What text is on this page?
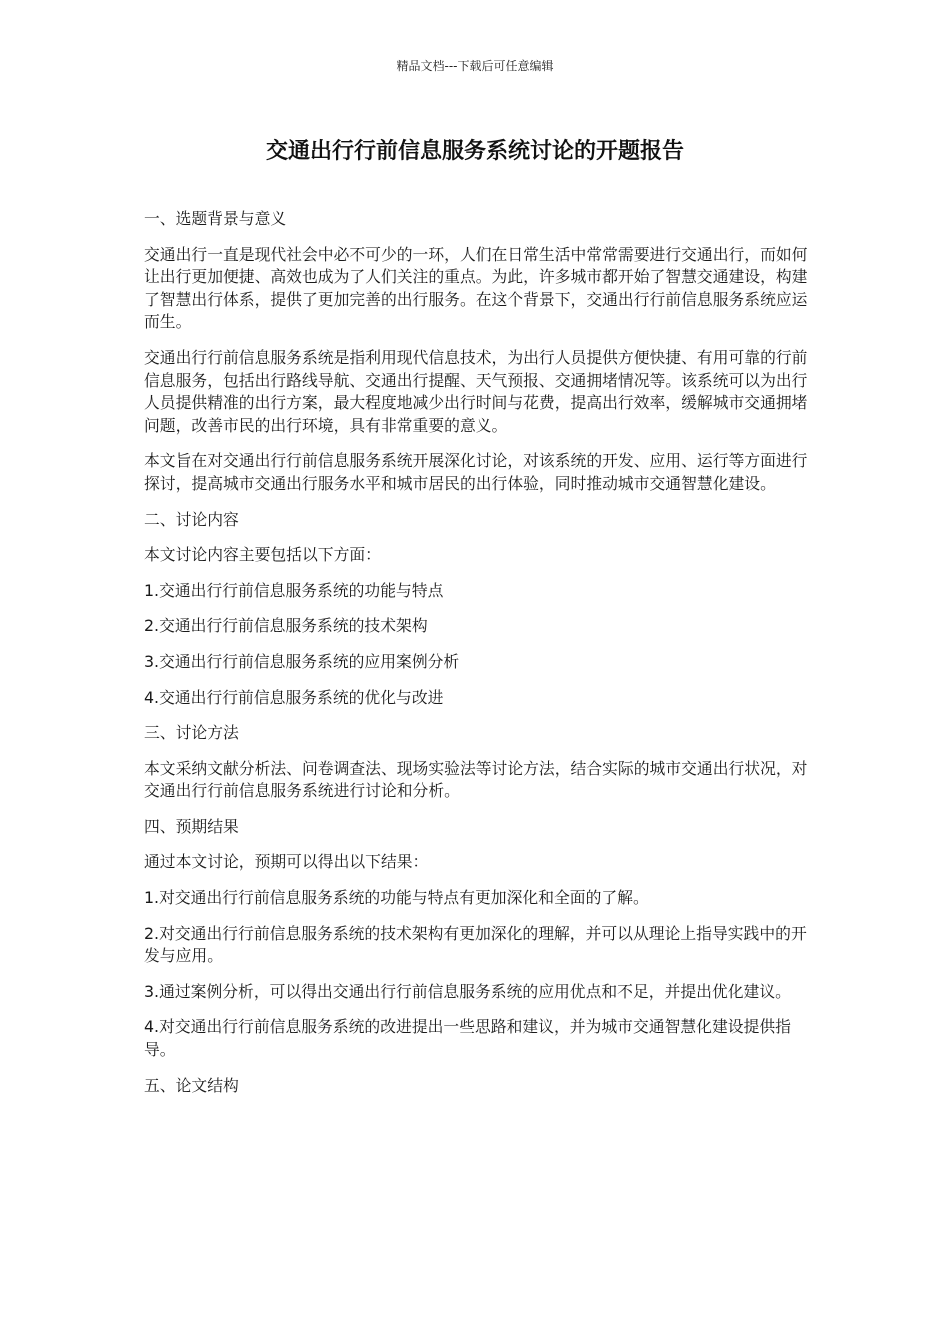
精品文档---下载后可任意编辑
交通出行行前信息服务系统讨论的开题报告

一、选题背景与意义

交通出行一直是现代社会中必不可少的一环，人们在日常生活中常常需要进行交通出行，而如何让出行更加便捷、高效也成为了人们关注的重点。为此，许多城市都开始了智慧交通建设，构建了智慧出行体系，提供了更加完善的出行服务。在这个背景下，交通出行行前信息服务系统应运而生。

交通出行行前信息服务系统是指利用现代信息技术，为出行人员提供方便快捷、有用可靠的行前信息服务，包括出行路线导航、交通出行提醒、天气预报、交通拥堵情况等。该系统可以为出行人员提供精准的出行方案，最大程度地减少出行时间与花费，提高出行效率，缓解城市交通拥堵问题，改善市民的出行环境，具有非常重要的意义。

本文旨在对交通出行行前信息服务系统开展深化讨论，对该系统的开发、应用、运行等方面进行探讨，提高城市交通出行服务水平和城市居民的出行体验，同时推动城市交通智慧化建设。

二、讨论内容

本文讨论内容主要包括以下方面：

1.交通出行行前信息服务系统的功能与特点

2.交通出行行前信息服务系统的技术架构

3.交通出行行前信息服务系统的应用案例分析

4.交通出行行前信息服务系统的优化与改进

三、讨论方法

本文采纳文献分析法、问卷调查法、现场实验法等讨论方法，结合实际的城市交通出行状况，对交通出行行前信息服务系统进行讨论和分析。

四、预期结果

通过本文讨论，预期可以得出以下结果：

1.对交通出行行前信息服务系统的功能与特点有更加深化和全面的了解。

2.对交通出行行前信息服务系统的技术架构有更加深化的理解，并可以从理论上指导实践中的开发与应用。

3.通过案例分析，可以得出交通出行行前信息服务系统的应用优点和不足，并提出优化建议。

4.对交通出行行前信息服务系统的改进提出一些思路和建议，并为城市交通智慧化建设提供指导。

五、论文结构
